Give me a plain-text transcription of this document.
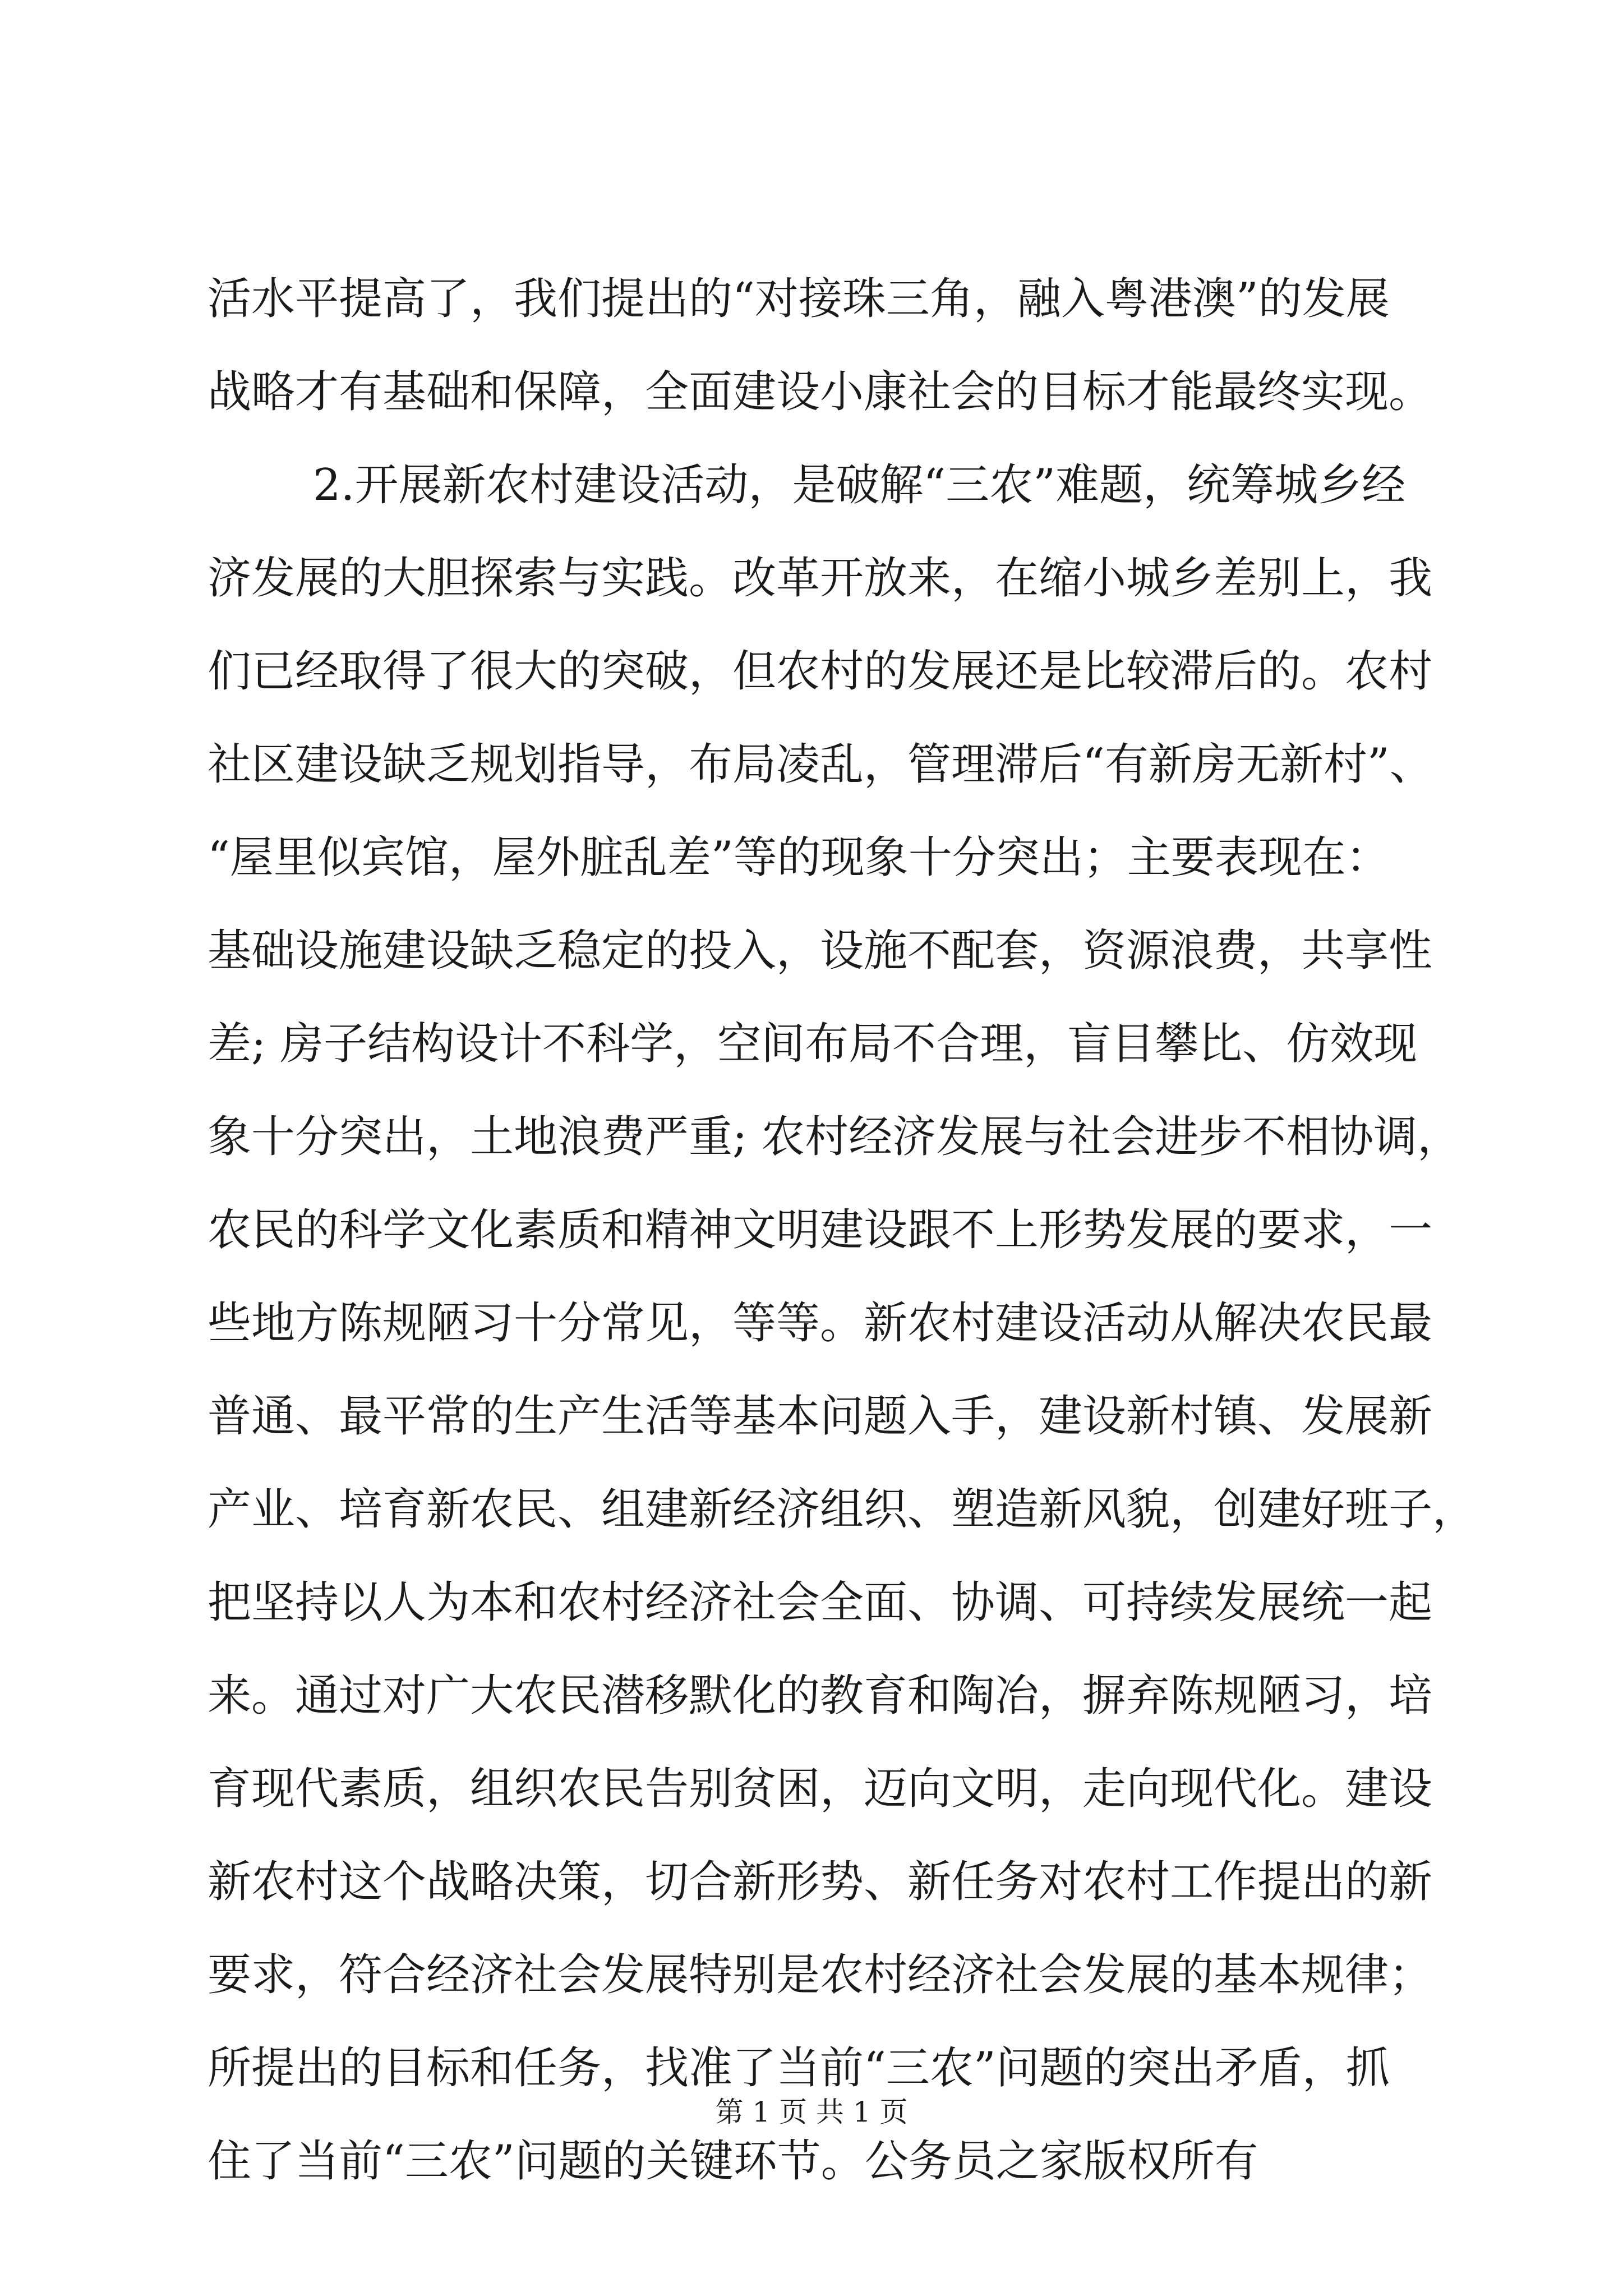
活水平提高了，我们提出的“对接珠三角，融入粤港澳”的发展
战略才有基础和保障，全面建设小康社会的目标才能最终实现。
2.开展新农村建设活动，是破解“三农”难题，统筹城乡经
济发展的大胆探索与实践。改革开放来，在缩小城乡差别上，我
们已经取得了很大的突破，但农村的发展还是比较滞后的。农村
社区建设缺乏规划指导，布局凌乱，管理滞后“有新房无新村”、
“屋里似宾馆，屋外脏乱差”等的现象十分突出；主要表现在：
基础设施建设缺乏稳定的投入，设施不配套，资源浪费，共享性
差; 房子结构设计不科学，空间布局不合理，盲目攀比、仿效现
象十分突出，土地浪费严重; 农村经济发展与社会进步不相协调，
农民的科学文化素质和精神文明建设跟不上形势发展的要求，一
些地方陈规陋习十分常见，等等。新农村建设活动从解决农民最
普通、最平常的生产生活等基本问题入手，建设新村镇、发展新
产业、培育新农民、组建新经济组织、塑造新风貌，创建好班子，
把坚持以人为本和农村经济社会全面、协调、可持续发展统一起
来。通过对广大农民潜移默化的教育和陶冶，摒弃陈规陋习，培
育现代素质，组织农民告别贫困，迈向文明，走向现代化。建设
新农村这个战略决策，切合新形势、新任务对农村工作提出的新
要求，符合经济社会发展特别是农村经济社会发展的基本规律；
所提出的目标和任务，找准了当前“三农”问题的突出矛盾，抓
住了当前“三农”问题的关键环节。公务员之家版权所有
第 1 页 共 1 页
